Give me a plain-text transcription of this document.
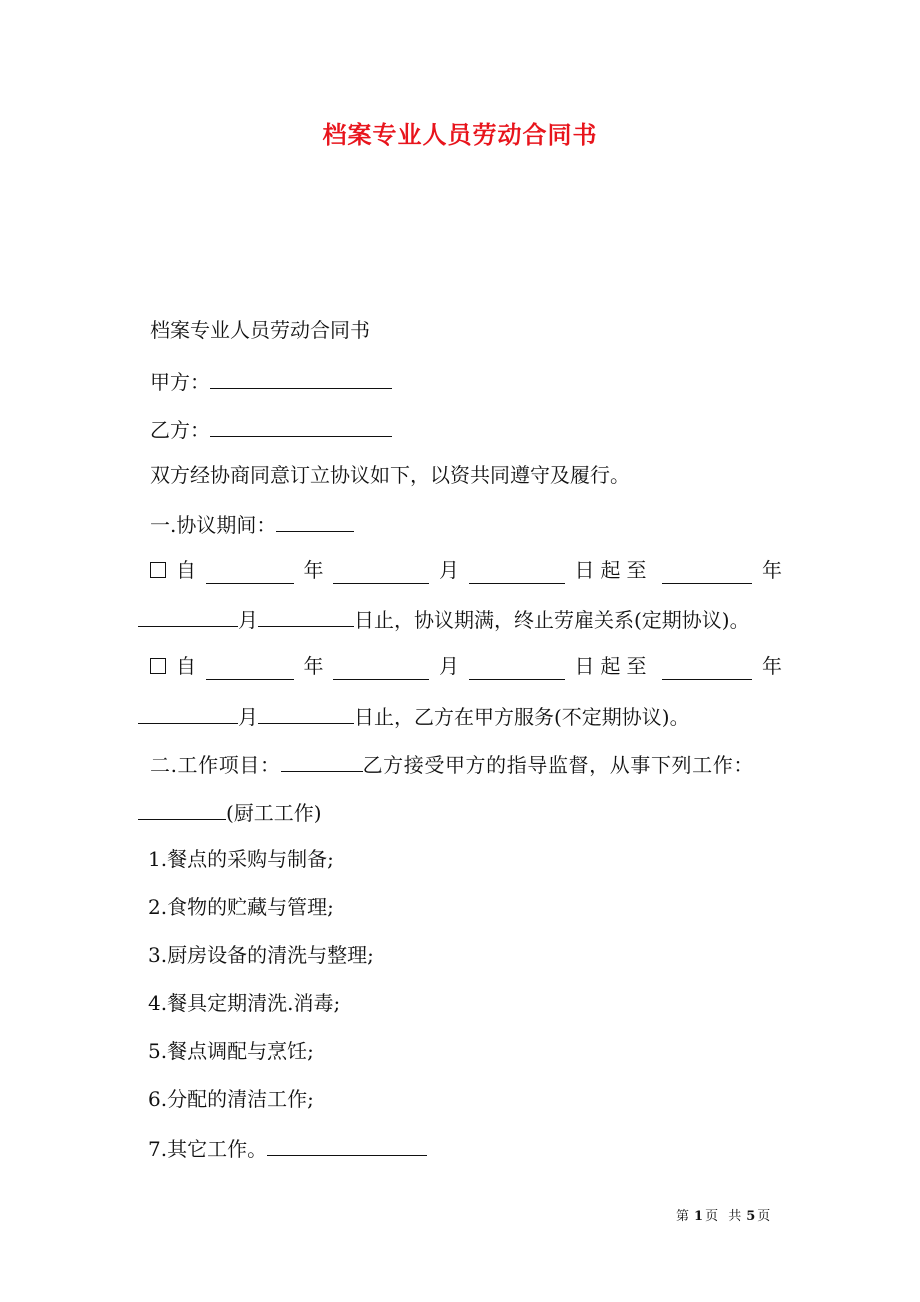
档案专业人员劳动合同书
档案专业人员劳动合同书
甲方：
乙方：
双方经协商同意订立协议如下，以资共同遵守及履行。
一.协议期间：
自	年	月	日起至	年
月	日止，协议期满，终止劳雇关系(定期协议)。
自	年	月	日起至	年
月	日止，乙方在甲方服务(不定期协议)。
二.工作项目：	乙方接受甲方的指导监督，从事下列工作：
(厨工工作)
1.餐点的采购与制备;
2.食物的贮藏与管理;
3.厨房设备的清洗与整理;
4.餐具定期清洗.消毒;
5.餐点调配与烹饪;
6.分配的清洁工作;
7.其它工作。
第 1 页 共 5 页
